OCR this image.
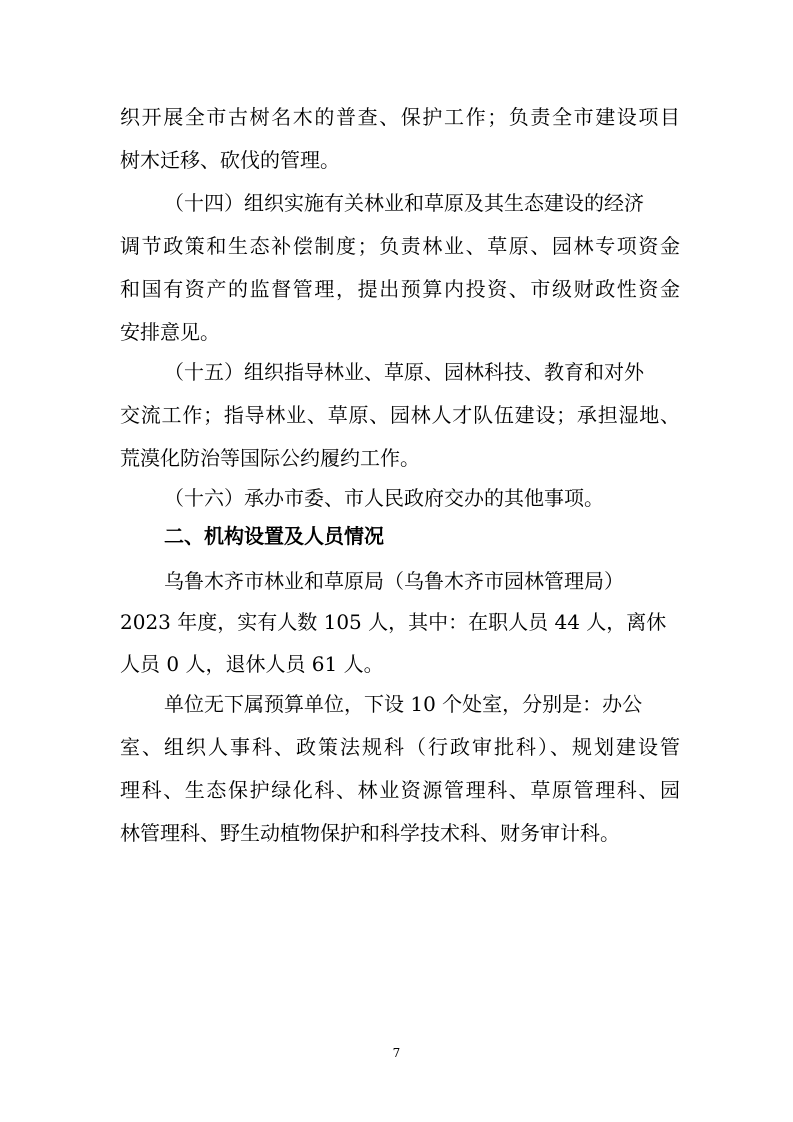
织开展全市古树名木的普查、保护工作；负责全市建设项目
树木迁移、砍伐的管理。
（十四）组织实施有关林业和草原及其生态建设的经济
调节政策和生态补偿制度；负责林业、草原、园林专项资金
和国有资产的监督管理，提出预算内投资、市级财政性资金
安排意见。
（十五）组织指导林业、草原、园林科技、教育和对外
交流工作；指导林业、草原、园林人才队伍建设；承担湿地、
荒漠化防治等国际公约履约工作。
（十六）承办市委、市人民政府交办的其他事项。
二、机构设置及人员情况
乌鲁木齐市林业和草原局（乌鲁木齐市园林管理局）
2023 年度，实有人数 105 人，其中：在职人员 44 人，离休
人员 0 人，退休人员 61 人。
单位无下属预算单位，下设 10 个处室，分别是：办公
室、组织人事科、政策法规科（行政审批科）、规划建设管
理科、生态保护绿化科、林业资源管理科、草原管理科、园
林管理科、野生动植物保护和科学技术科、财务审计科。
7
